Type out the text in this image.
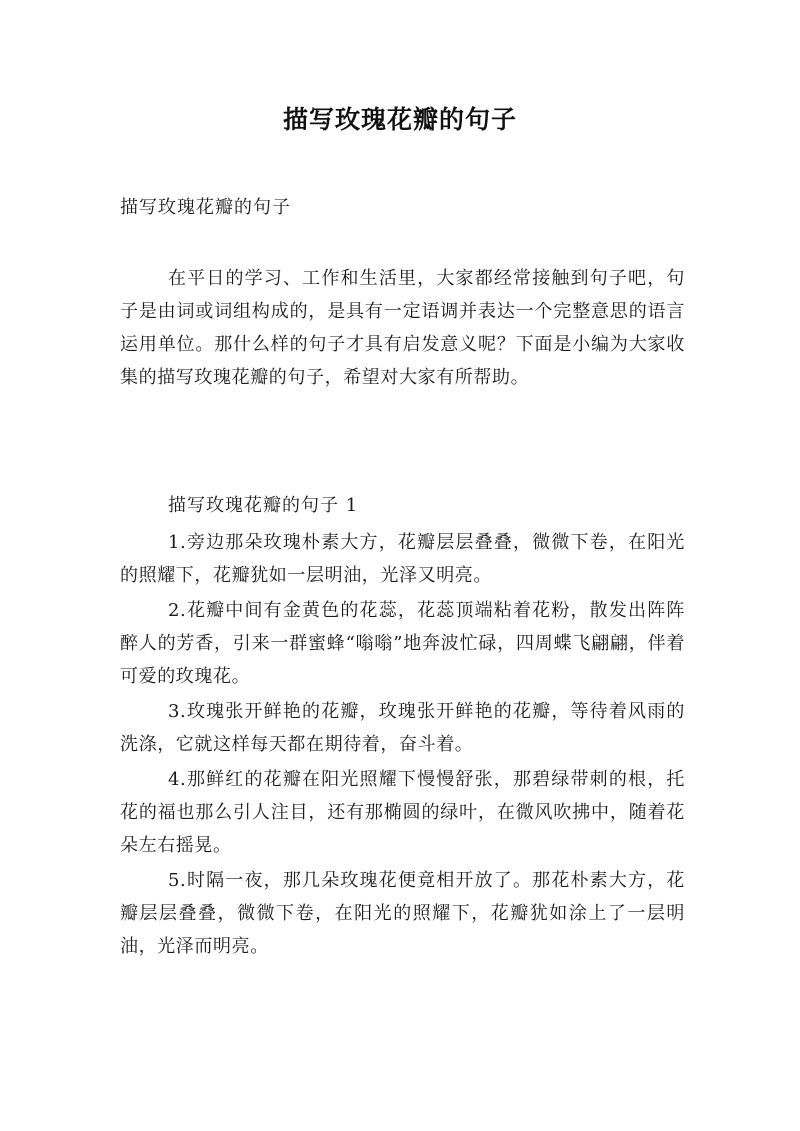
描写玫瑰花瓣的句子
描写玫瑰花瓣的句子
在平日的学习、工作和生活里，大家都经常接触到句子吧，句子是由词或词组构成的，是具有一定语调并表达一个完整意思的语言运用单位。那什么样的句子才具有启发意义呢？下面是小编为大家收集的描写玫瑰花瓣的句子，希望对大家有所帮助。
描写玫瑰花瓣的句子 1

1.旁边那朵玫瑰朴素大方，花瓣层层叠叠，微微下卷，在阳光的照耀下，花瓣犹如一层明油，光泽又明亮。

2.花瓣中间有金黄色的花蕊，花蕊顶端粘着花粉，散发出阵阵醉人的芳香，引来一群蜜蜂“嗡嗡”地奔波忙碌，四周蝶飞翩翩，伴着可爱的玫瑰花。

3.玫瑰张开鲜艳的花瓣，玫瑰张开鲜艳的花瓣，等待着风雨的洗涤，它就这样每天都在期待着，奋斗着。

4.那鲜红的花瓣在阳光照耀下慢慢舒张，那碧绿带刺的根，托花的福也那么引人注目，还有那椭圆的绿叶，在微风吹拂中，随着花朵左右摇晃。

5.时隔一夜，那几朵玫瑰花便竟相开放了。那花朴素大方，花瓣层层叠叠，微微下卷，在阳光的照耀下，花瓣犹如涂上了一层明油，光泽而明亮。
